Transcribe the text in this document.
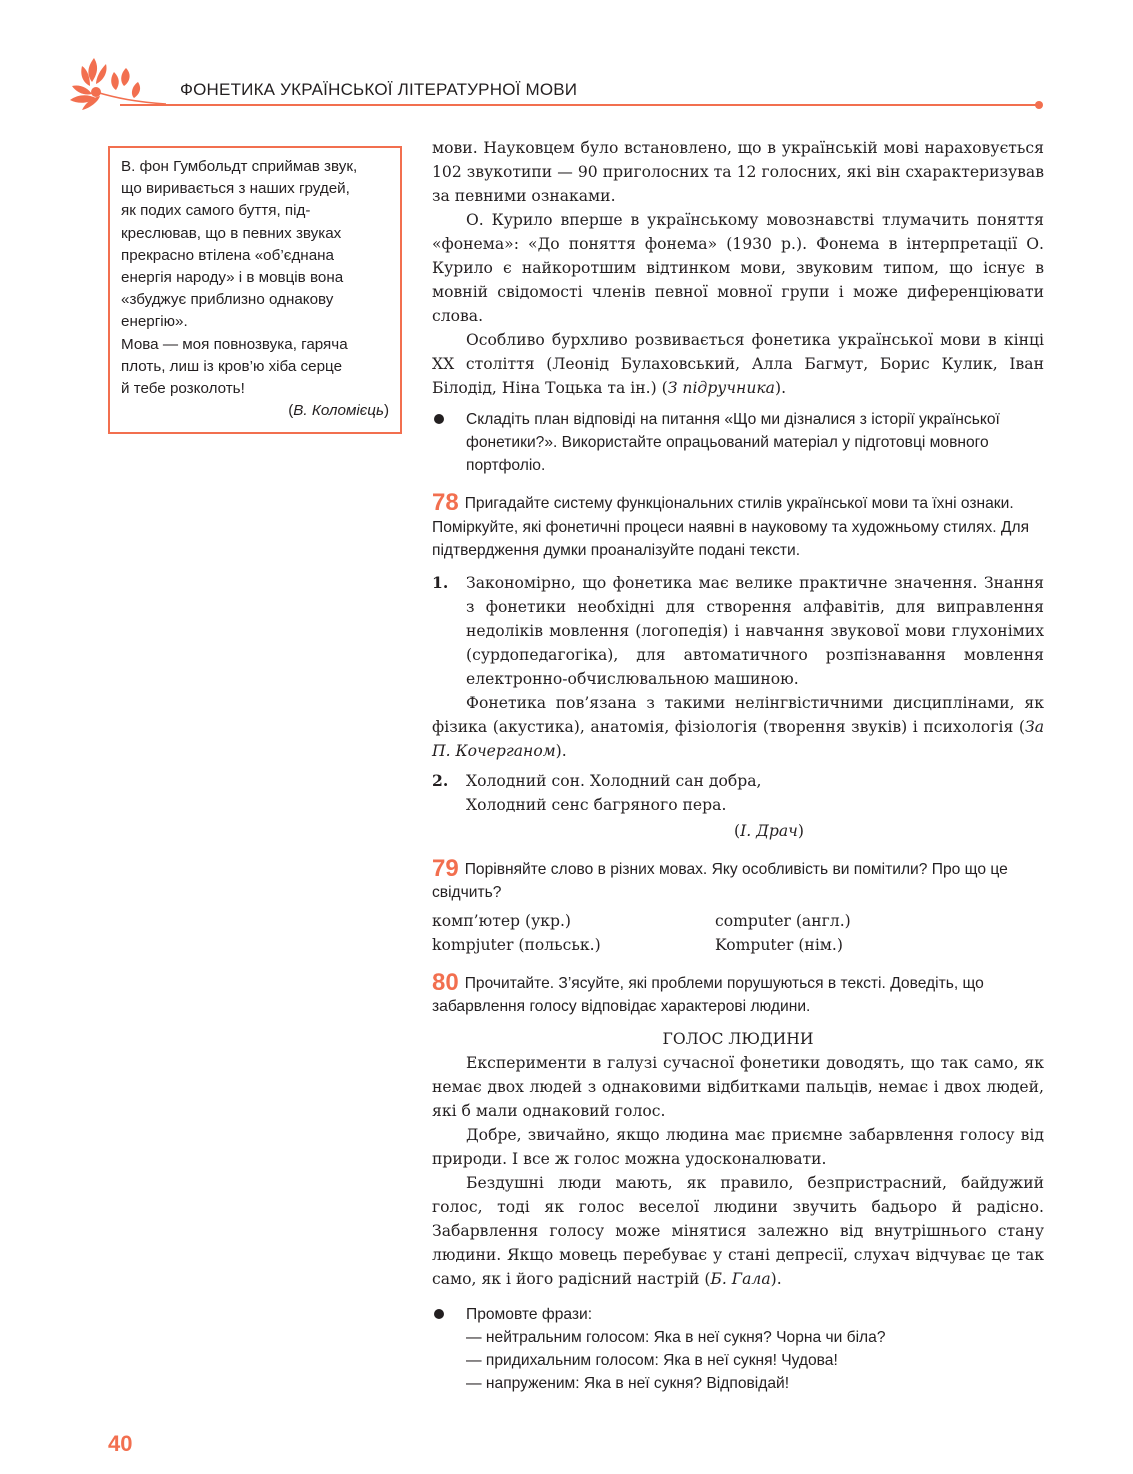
ФОНЕТИКА УКРАЇНСЬКОЇ ЛІТЕРАТУРНОЇ МОВИ

В. фон Гумбольдт сприймав звук,

що виривається з наших грудей,

як подих самого буття, під-

креслював, що в певних звуках

прекрасно втілена «об’єднана

енергія народу» і в мовців вона

«збуджує приблизно однакову

енергію».

Мова — моя повнозвука, гаряча

плоть, лиш із кров’ю хіба серце

й тебе розколоть!

(В. Коломієць)

мови. Науковцем було встановлено, що в українській мові нараховується 102 звукотипи — 90 приголосних та 12 голосних, які він схарактеризував за певними ознаками.

О. Курило вперше в українському мовознавстві тлумачить поняття «фонема»: «До поняття фонема» (1930 р.). Фонема в інтерпретації О. Курило є найкоротшим відтинком мови, звуковим типом, що існує в мовній свідомості членів певної мовної групи і може диференціювати слова.

Особливо бурхливо розвивається фонетика української мови в кінці XX століття (Леонід Булаховський, Алла Багмут, Борис Кулик, Іван Білодід, Ніна Тоцька та ін.) (З підручника).

Складіть план відповіді на питання «Що ми дізналися з історії української фонетики?». Використайте опрацьований матеріал у підготовці мовного портфоліо.

78 Пригадайте систему функціональних стилів української мови та їхні ознаки. Поміркуйте, які фонетичні процеси наявні в науковому та художньому стилях. Для підтвердження думки проаналізуйте подані тексти.

1. Закономірно, що фонетика має велике практичне значення. Знання з фонетики необхідні для створення алфавітів, для виправлення недоліків мовлення (логопедія) і навчання звукової мови глухонімих (сурдопедагогіка), для автоматичного розпізнавання мовлення електронно-обчислювальною машиною.

Фонетика пов’язана з такими нелінгвістичними дисциплінами, як фізика (акустика), анатомія, фізіологія (творення звуків) і психологія (За П. Кочерганом).

2. Холодний сон. Холодний сан добра,

Холодний сенс багряного пера.

(І. Драч)

79 Порівняйте слово в різних мовах. Яку особливість ви помітили? Про що це свідчить?

комп’ютер (укр.)	computer (англ.)
kompjuter (польськ.)	Komputer (нім.)

80 Прочитайте. З’ясуйте, які проблеми порушуються в тексті. Доведіть, що забарвлення голосу відповідає характерові людини.

ГОЛОС ЛЮДИНИ

Експерименти в галузі сучасної фонетики доводять, що так само, як немає двох людей з однаковими відбитками пальців, немає і двох людей, які б мали однаковий голос.

Добре, звичайно, якщо людина має приємне забарвлення голосу від природи. І все ж голос можна удосконалювати.

Бездушні люди мають, як правило, безпристрасний, байдужий голос, тоді як голос веселої людини звучить бадьоро й радісно. Забарвлення голосу може мінятися залежно від внутрішнього стану людини. Якщо мовець перебуває у стані депресії, слухач відчуває це так само, як і його радісний настрій (Б. Гала).

Промовте фрази:
— нейтральним голосом: Яка в неї сукня? Чорна чи біла?
— придихальним голосом: Яка в неї сукня! Чудова!
— напруженим: Яка в неї сукня? Відповідай!
40
